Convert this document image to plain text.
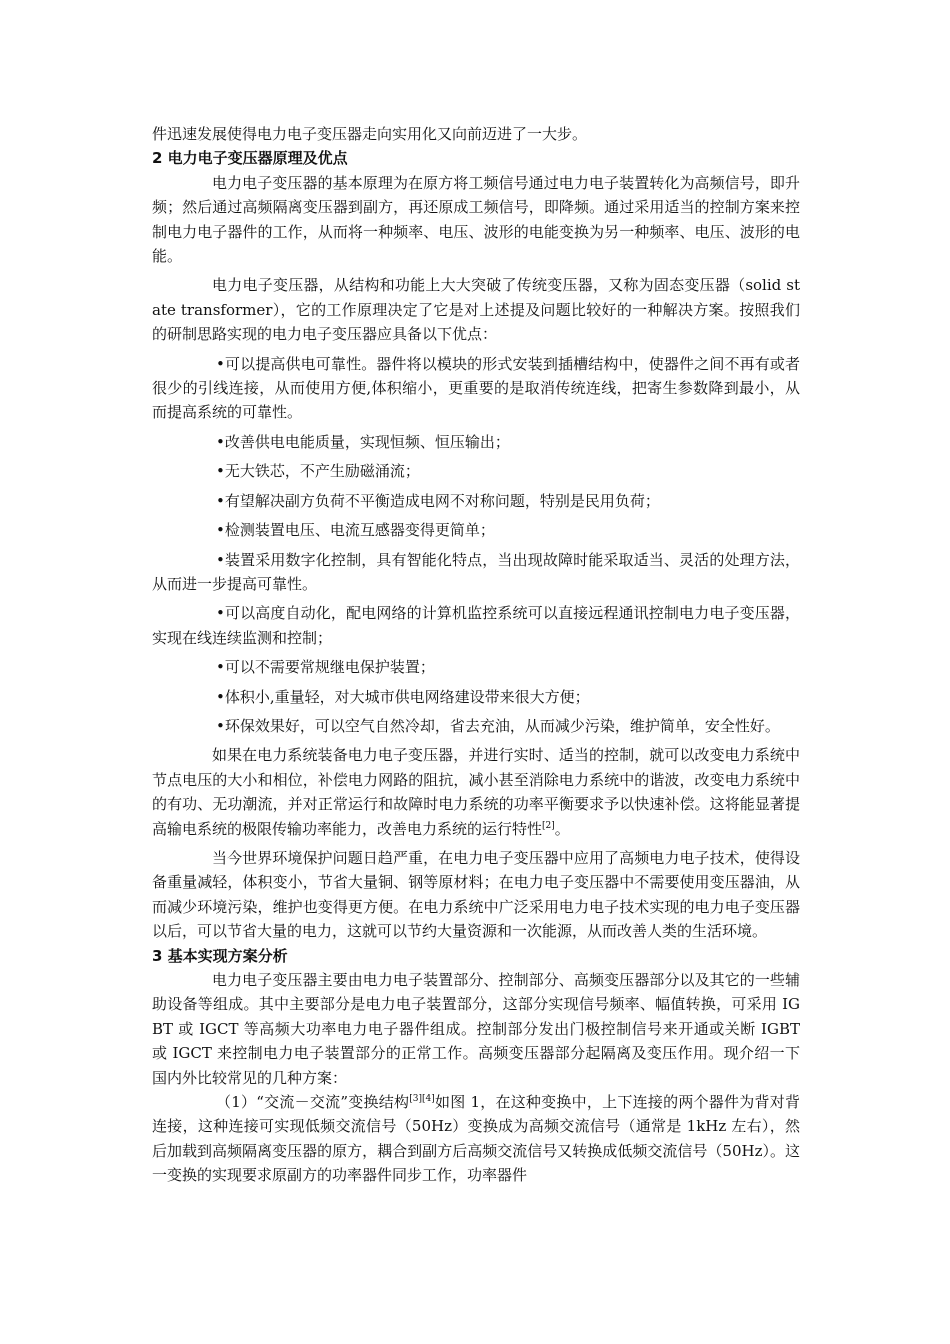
件迅速发展使得电力电子变压器走向实用化又向前迈进了一大步。

2 电力电子变压器原理及优点

电力电子变压器的基本原理为在原方将工频信号通过电力电子装置转化为高频信号，即升频；然后通过高频隔离变压器到副方，再还原成工频信号，即降频。通过采用适当的控制方案来控制电力电子器件的工作，从而将一种频率、电压、波形的电能变换为另一种频率、电压、波形的电能。

电力电子变压器，从结构和功能上大大突破了传统变压器，又称为固态变压器（solid state transformer），它的工作原理决定了它是对上述提及问题比较好的一种解决方案。按照我们的研制思路实现的电力电子变压器应具备以下优点：

•可以提高供电可靠性。器件将以模块的形式安装到插槽结构中，使器件之间不再有或者很少的引线连接，从而使用方便,体积缩小，更重要的是取消传统连线，把寄生参数降到最小，从而提高系统的可靠性。

•改善供电电能质量，实现恒频、恒压输出；

•无大铁芯，不产生励磁涌流；

•有望解决副方负荷不平衡造成电网不对称问题，特别是民用负荷；

•检测装置电压、电流互感器变得更简单；

•装置采用数字化控制，具有智能化特点，当出现故障时能采取适当、灵活的处理方法，从而进一步提高可靠性。

•可以高度自动化，配电网络的计算机监控系统可以直接远程通讯控制电力电子变压器，实现在线连续监测和控制；

•可以不需要常规继电保护装置；

•体积小,重量轻，对大城市供电网络建设带来很大方便；

•环保效果好，可以空气自然冷却，省去充油，从而减少污染，维护简单，安全性好。

如果在电力系统装备电力电子变压器，并进行实时、适当的控制，就可以改变电力系统中节点电压的大小和相位，补偿电力网路的阻抗，减小甚至消除电力系统中的谐波，改变电力系统中的有功、无功潮流，并对正常运行和故障时电力系统的功率平衡要求予以快速补偿。这将能显著提高输电系统的极限传输功率能力，改善电力系统的运行特性[2]。

当今世界环境保护问题日趋严重，在电力电子变压器中应用了高频电力电子技术，使得设备重量减轻，体积变小，节省大量铜、钢等原材料；在电力电子变压器中不需要使用变压器油，从而减少环境污染，维护也变得更方便。在电力系统中广泛采用电力电子技术实现的电力电子变压器以后，可以节省大量的电力，这就可以节约大量资源和一次能源，从而改善人类的生活环境。

3 基本实现方案分析

电力电子变压器主要由电力电子装置部分、控制部分、高频变压器部分以及其它的一些辅助设备等组成。其中主要部分是电力电子装置部分，这部分实现信号频率、幅值转换，可采用 IGBT 或 IGCT 等高频大功率电力电子器件组成。控制部分发出门极控制信号来开通或关断 IGBT 或 IGCT 来控制电力电子装置部分的正常工作。高频变压器部分起隔离及变压作用。现介绍一下国内外比较常见的几种方案：

（1）“交流－交流”变换结构[3][4]如图 1，在这种变换中，上下连接的两个器件为背对背连接，这种连接可实现低频交流信号（50Hz）变换成为高频交流信号（通常是 1kHz 左右），然后加载到高频隔离变压器的原方，耦合到副方后高频交流信号又转换成低频交流信号（50Hz）。这一变换的实现要求原副方的功率器件同步工作，功率器件
